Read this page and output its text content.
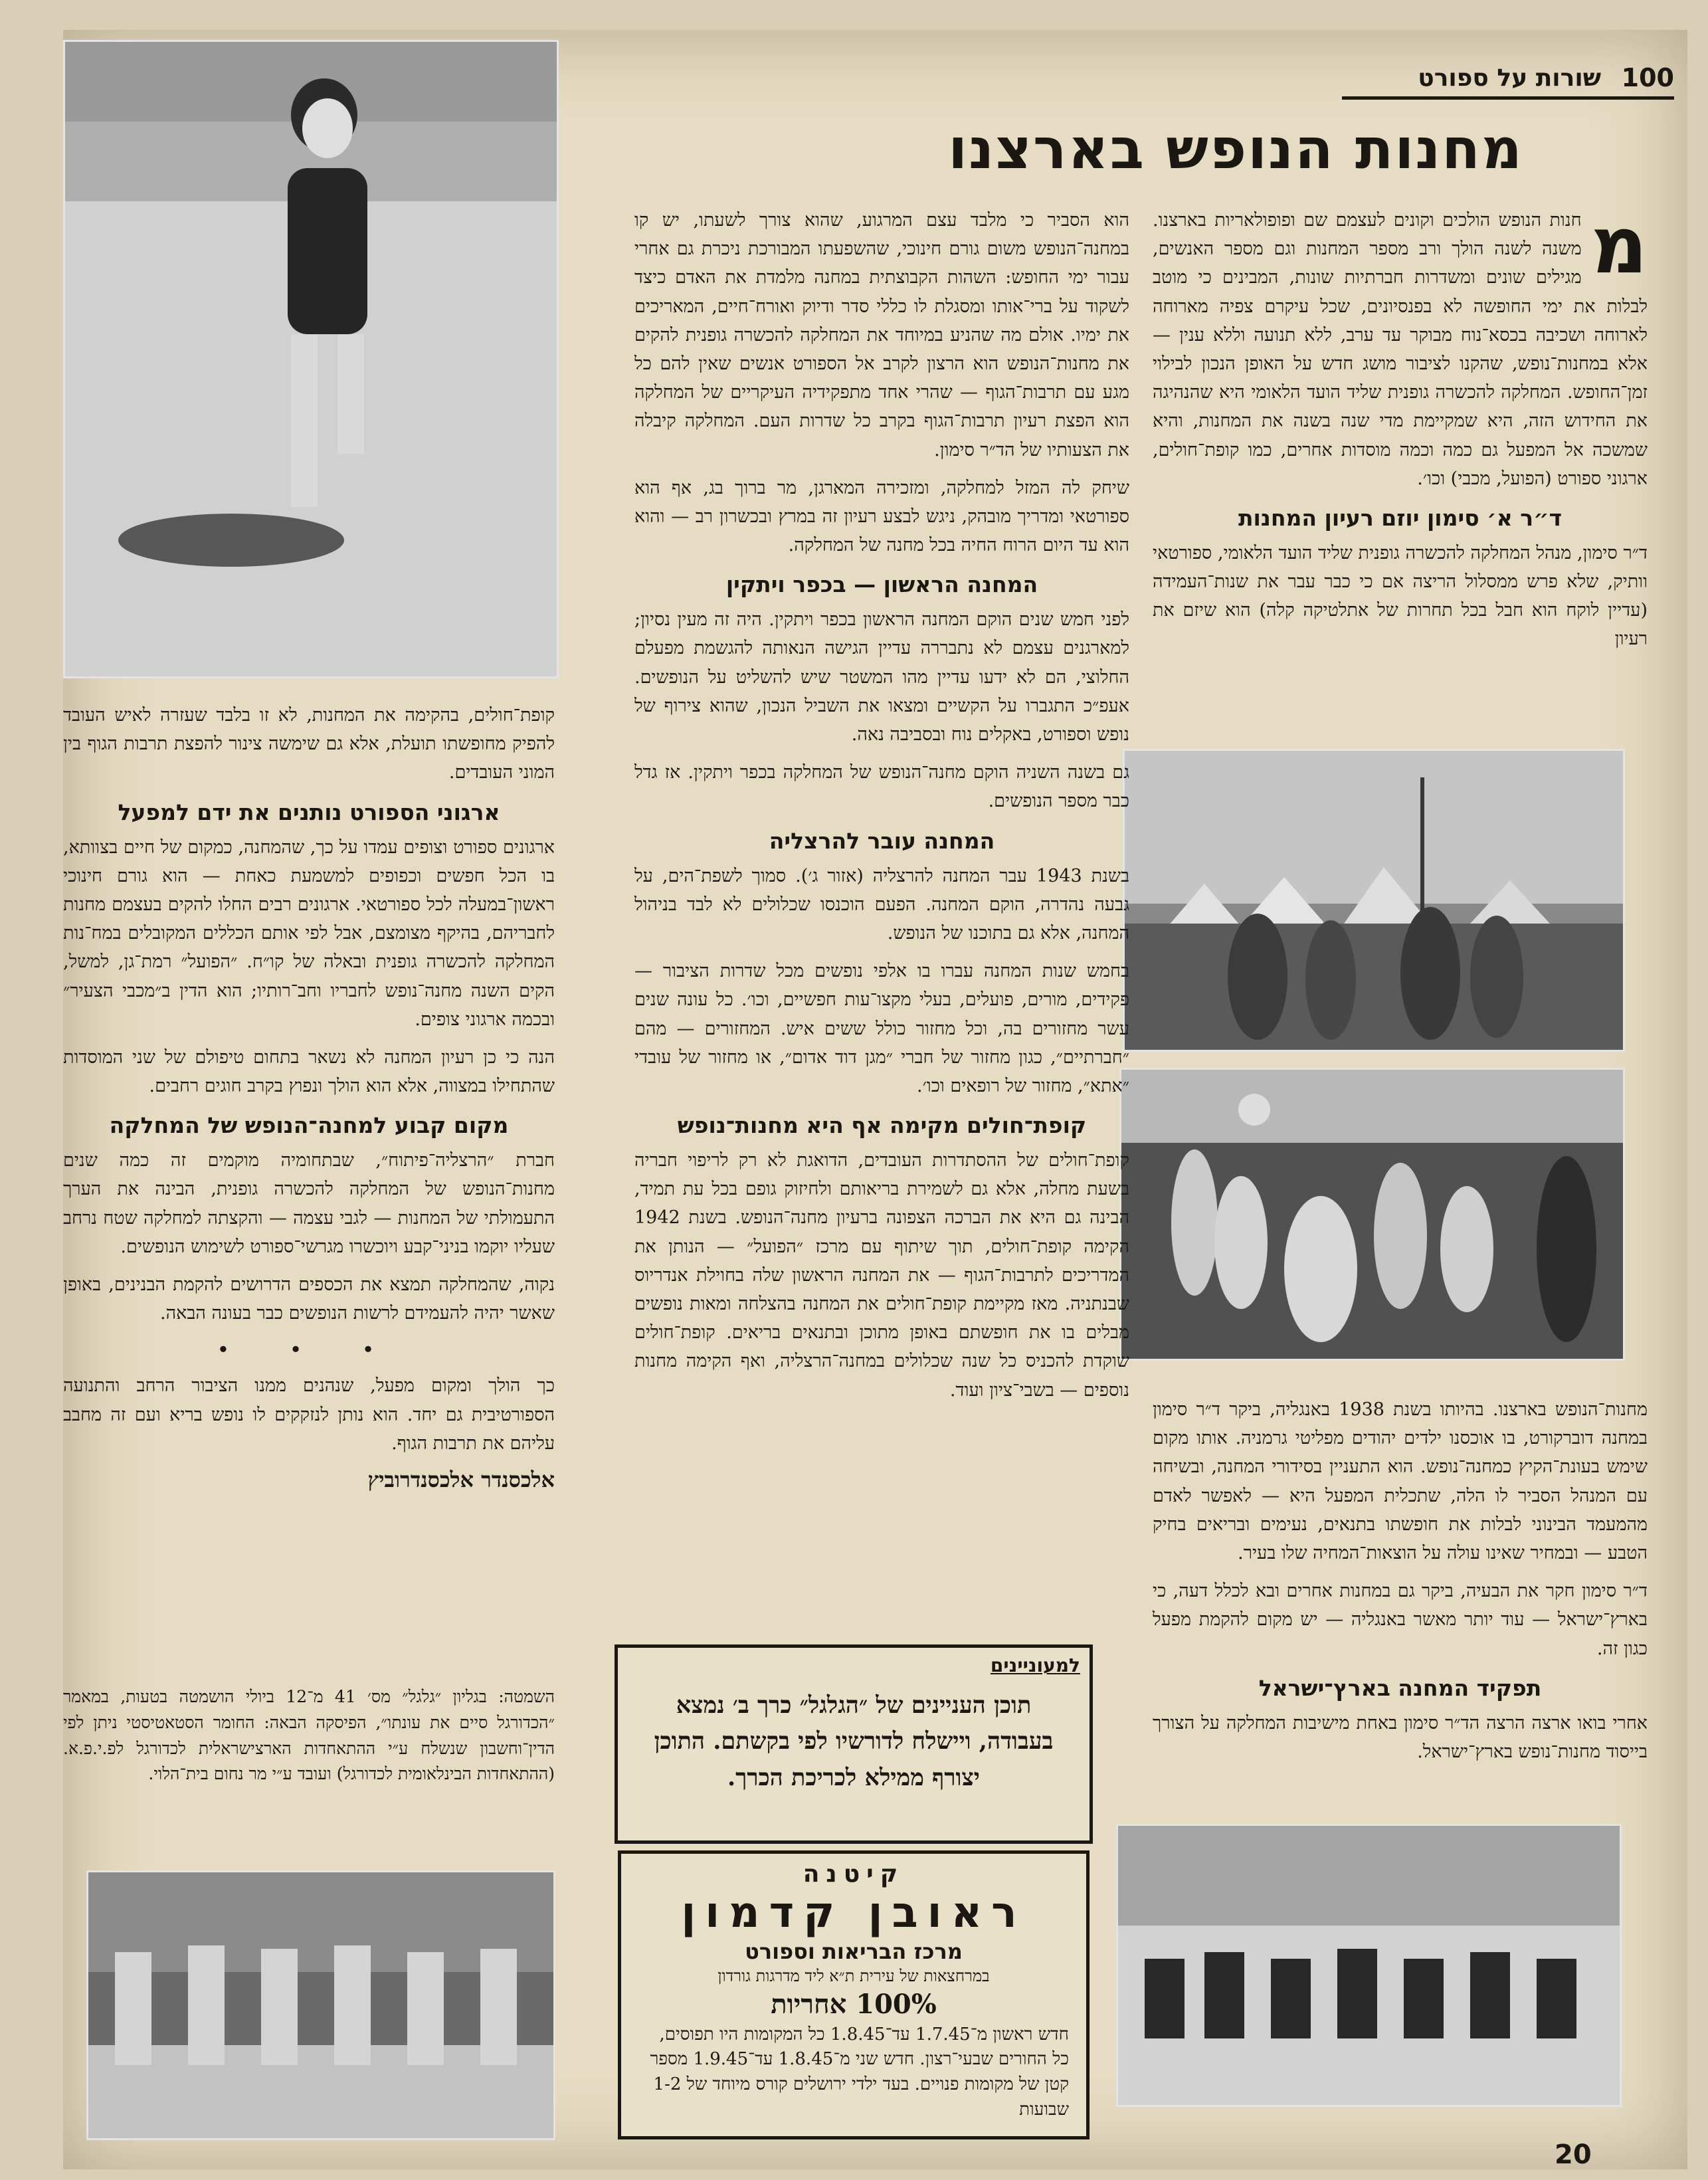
100
שורות על ספורט
מחנות הנופש בארצנו
מ

חנות הנופש הולכים וקונים לעצמם שם ופופולאריות בארצנו. משנה לשנה הולך ורב מספר המחנות וגם מספר האנשים, מגילים שונים ומשדרות חברתיות שונות, המבינים כי מוטב לבלות את ימי החופשה לא בפנסיונים, שכל עיקרם צפיה מארוחה לארוחה ושכיבה בכסא־נוח מבוקר עד ערב, ללא תנועה וללא ענין — אלא במחנות־נופש, שהקנו לציבור מושג חדש על האופן הנכון לבילוי זמן־החופש. המחלקה להכשרה גופנית שליד הועד הלאומי היא שהנהיגה את החידוש הזה, היא שמקיימת מדי שנה בשנה את המחנות, והיא שמשכה אל המפעל גם כמה וכמה מוסדות אחרים, כמו קופת־חולים, ארגוני ספורט (הפועל, מכבי) וכו׳.

ד״ר א׳ סימון יוזם רעיון המחנות

ד״ר סימון, מנהל המחלקה להכשרה גופנית שליד הועד הלאומי, ספורטאי וותיק, שלא פרש ממסלול הריצה אם כי כבר עבר את שנות־העמידה (עדיין לוקח הוא חבל בכל תחרות של אתלטיקה קלה) הוא שיזם את רעיון

מחנות־הנופש בארצנו. בהיותו בשנת 1938 באנגליה, ביקר ד״ר סימון במחנה דוברקורט, בו אוכסנו ילדים יהודים מפליטי גרמניה. אותו מקום שימש בעונת־הקיץ כמחנה־נופש. הוא התעניין בסידורי המחנה, ובשיחה עם המנהל הסביר לו הלה, שתכלית המפעל היא — לאפשר לאדם מהמעמד הבינוני לבלות את חופשתו בתנאים, נעימים ובריאים בחיק הטבע — ובמחיר שאינו עולה על הוצאות־המחיה שלו בעיר.

ד״ר סימון חקר את הבעיה, ביקר גם במחנות אחרים ובא לכלל דעה, כי בארץ־ישראל — עוד יותר מאשר באנגליה — יש מקום להקמת מפעל כגון זה.

תפקיד המחנה בארץ־ישראל

אחרי בואו ארצה הרצה הד״ר סימון באחת מישיבות המחלקה על הצורך בייסוד מחנות־נופש בארץ־ישראל.

הוא הסביר כי מלבד עצם המרגוע, שהוא צורך לשעתו, יש קו במחנה־הנופש משום גורם חינוכי, שהשפעתו המבורכת ניכרת גם אחרי עבור ימי החופש: השהות הקבוצתית במחנה מלמדת את האדם כיצד לשקוד על ברי־אותו ומסגלת לו כללי סדר ודיוק ואורח־חיים, המאריכים את ימיו. אולם מה שהניע במיוחד את המחלקה להכשרה גופנית להקים את מחנות־הנופש הוא הרצון לקרב אל הספורט אנשים שאין להם כל מגע עם תרבות־הגוף — שהרי אחד מתפקידיה העיקריים של המחלקה הוא הפצת רעיון תרבות־הגוף בקרב כל שדרות העם. המחלקה קיבלה את הצעותיו של הד״ר סימון.

שיחק לה המזל למחלקה, ומזכירה המארגן, מר ברוך בג, אף הוא ספורטאי ומדריך מובהק, ניגש לבצע רעיון זה במרץ ובכשרון רב — והוא הוא עד היום הרוח החיה בכל מחנה של המחלקה.

המחנה הראשון — בכפר ויתקין

לפני חמש שנים הוקם המחנה הראשון בכפר ויתקין. היה זה מעין נסיון; למארגנים עצמם לא נתבררה עדיין הגישה הנאותה להגשמת מפעלם החלוצי, הם לא ידעו עדיין מהו המשטר שיש להשליט על הנופשים. אעפ״כ התגברו על הקשיים ומצאו את השביל הנכון, שהוא צירוף של נופש וספורט, באקלים נוח ובסביבה נאה.

גם בשנה השניה הוקם מחנה־הנופש של המחלקה בכפר ויתקין. אז גדל כבר מספר הנופשים.

המחנה עובר להרצליה

בשנת 1943 עבר המחנה להרצליה (אזור ג׳). סמוך לשפת־הים, על גבעה נהדרה, הוקם המחנה. הפעם הוכנסו שכלולים לא לבד בניהול המחנה, אלא גם בתוכנו של הנופש.

בחמש שנות המחנה עברו בו אלפי נופשים מכל שדרות הציבור — פקידים, מורים, פועלים, בעלי מקצו־עות חפשיים, וכו׳. כל עונה שנים עשר מחזורים בה, וכל מחזור כולל ששים איש. המחזורים — מהם ״חברתיים״, כגון מחזור של חברי ״מגן דוד אדום״, או מחזור של עובדי ״אתא״, מחזור של רופאים וכו׳.

קופת־חולים מקימה אף היא מחנות־נופש

קופת־חולים של ההסתדרות העובדים, הדואגת לא רק לריפוי חבריה בשעת מחלה, אלא גם לשמירת בריאותם ולחיזוק גופם בכל עת תמיד, הבינה גם היא את הברכה הצפונה ברעיון מחנה־הנופש. בשנת 1942 הקימה קופת־חולים, תוך שיתוף עם מרכז ״הפועל״ — הנותן את המדריכים לתרבות־הגוף — את המחנה הראשון שלה בחוילת אנדריוס שבנתניה. מאז מקיימת קופת־חולים את המחנה בהצלחה ומאות נופשים מבלים בו את חופשתם באופן מתוכן ובתנאים בריאים. קופת־חולים שוקדת להכניס כל שנה שכלולים במחנה־הרצליה, ואף הקימה מחנות נוספים — בשבי־ציון ועוד.

למעוניינים
תוכן העניינים של ״הגלגל״ כרך ב׳ נמצא בעבודה, ויישלח לדורשיו לפי בקשתם. התוכן יצורף ממילא לכריכת הכרך.
קיטנה
ראובן קדמון
מרכז הבריאות וספורט
במרחצאות של עירית ת״א ליד מדרגות גורדון
100% אחריות
חדש ראשון מ־1.7.45 עד־1.8.45 כל המקומות היו תפוסים, כל החורים שבעי־רצון. חדש שני מ־1.8.45 עד־1.9.45 מספר קטן של מקומות פנויים. בעד ילדי ירושלים קורס מיוחד של 1-2 שבועות

קופת־חולים, בהקימה את המחנות, לא זו בלבד שעזרה לאיש העובד להפיק מחופשתו תועלת, אלא גם שימשה צינור להפצת תרבות הגוף בין המוני העובדים.

ארגוני הספורט נותנים את ידם למפעל

ארגונים ספורט וצופים עמדו על כך, שהמחנה, כמקום של חיים בצוותא, בו הכל חפשים וכפופים למשמעת כאחת — הוא גורם חינוכי ראשון־במעלה לכל ספורטאי. ארגונים רבים החלו להקים בעצמם מחנות לחבריהם, בהיקף מצומצם, אבל לפי אותם הכללים המקובלים במח־נות המחלקה להכשרה גופנית ובאלה של קו״ח. ״הפועל״ רמת־גן, למשל, הקים השנה מחנה־נופש לחבריו וחב־רותיו; הוא הדין ב״מכבי הצעיר״ ובכמה ארגוני צופים.

הנה כי כן רעיון המחנה לא נשאר בתחום טיפולם של שני המוסדות שהתחילו במצווה, אלא הוא הולך ונפוץ בקרב חוגים רחבים.

מקום קבוע למחנה־הנופש של המחלקה

חברת ״הרצליה־פיתוח״, שבתחומיה מוקמים זה כמה שנים מחנות־הנופש של המחלקה להכשרה גופנית, הבינה את הערך התעמולתי של המחנות — לגבי עצמה — והקצתה למחלקה שטח נרחב שעליו יוקמו בניני־קבע ויוכשרו מגרשי־ספורט לשימוש הנופשים.

נקוה, שהמחלקה תמצא את הכספים הדרושים להקמת הבנינים, באופן שאשר יהיה להעמידם לרשות הנופשים כבר בעונה הבאה.

• • •

כך הולך ומקום מפעל, שנהנים ממנו הציבור הרחב והתנועה הספורטיבית גם יחד. הוא נותן לנזקקים לו נופש בריא ועם זה מחבב עליהם את תרבות הגוף.

אלכסנדר אלכסנדרוביץ
השמטה: בגליון ״גלגל״ מס׳ 41 מ־12 ביולי הושמטה בטעות, במאמר ״הכדורגל סיים את עונתו״, הפיסקה הבאה: החומר הסטאטיסטי ניתן לפי הדין־וחשבון שנשלח ע״י ההתאחדות הארצישראלית לכדורגל לפ.י.פ.א. (ההתאחדות הבינלאומית לכדורגל) ועובד ע״י מר נחום בית־הלוי.
20
